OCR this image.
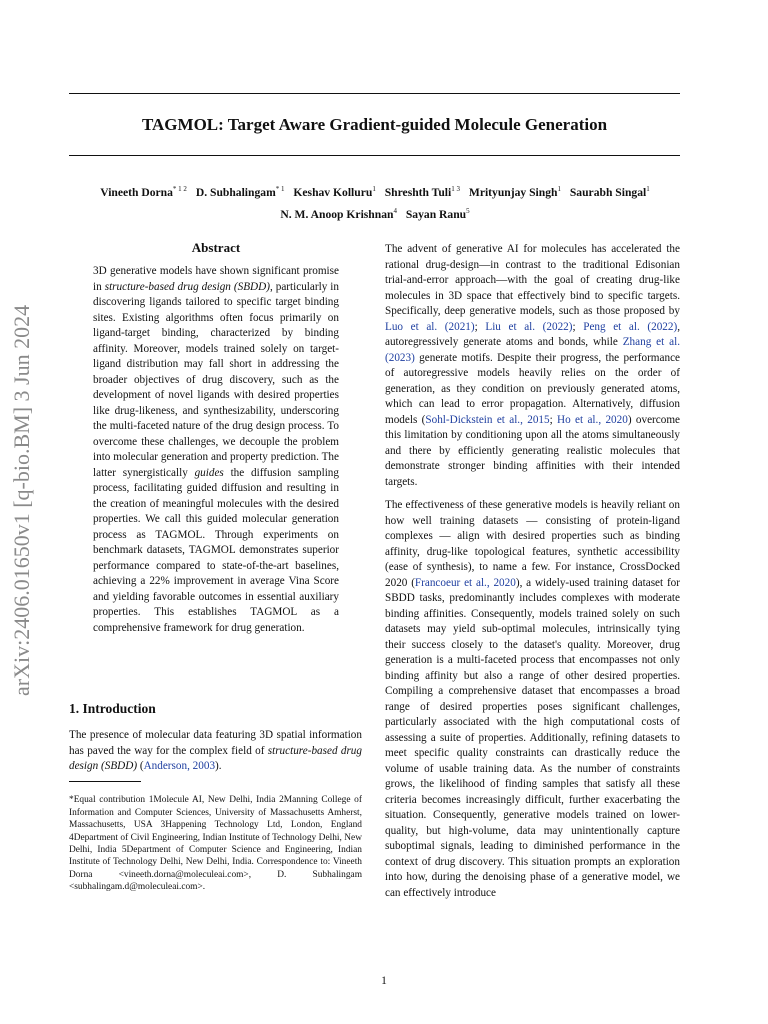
TAGMOL: Target Aware Gradient-guided Molecule Generation
Vineeth Dorna$^{* 1 2}$ D. Subhalingam$^{* 1}$ Keshav Kolluru$^1$ Shreshth Tuli$^{1 3}$ Mrityunjay Singh$^1$ Saurabh Singal$^1$
N. M. Anoop Krishnan$^4$ Sayan Ranu$^5$
arXiv:2406.01650v1 [q-bio.BM] 3 Jun 2024
Abstract

3D generative models have shown significant promise in structure-based drug design (SBDD), particularly in discovering ligands tailored to specific target binding sites. Existing algorithms often focus primarily on ligand-target binding, characterized by binding affinity. Moreover, models trained solely on target-ligand distribution may fall short in addressing the broader objectives of drug discovery, such as the development of novel ligands with desired properties like drug-likeness, and synthesizability, underscoring the multi-faceted nature of the drug design process. To overcome these challenges, we decouple the problem into molecular generation and property prediction. The latter synergistically guides the diffusion sampling process, facilitating guided diffusion and resulting in the creation of meaningful molecules with the desired properties. We call this guided molecular generation process as TAGMOL. Through experiments on benchmark datasets, TAGMOL demonstrates superior performance compared to state-of-the-art baselines, achieving a 22% improvement in average Vina Score and yielding favorable outcomes in essential auxiliary properties. This establishes TAGMOL as a comprehensive framework for drug generation.

1. Introduction

The presence of molecular data featuring 3D spatial information has paved the way for the complex field of structure-based drug design (SBDD) (Anderson, 2003).

*Equal contribution 1Molecule AI, New Delhi, India 2Manning College of Information and Computer Sciences, University of Massachusetts Amherst, Massachusetts, USA 3Happening Technology Ltd, London, England 4Department of Civil Engineering, Indian Institute of Technology Delhi, New Delhi, India 5Department of Computer Science and Engineering, Indian Institute of Technology Delhi, New Delhi, India. Correspondence to: Vineeth Dorna <vineeth.dorna@moleculeai.com>, D. Subhalingam <subhalingam.d@moleculeai.com>.

The advent of generative AI for molecules has accelerated the rational drug-design—in contrast to the traditional Edisonian trial-and-error approach—with the goal of creating drug-like molecules in 3D space that effectively bind to specific targets. Specifically, deep generative models, such as those proposed by Luo et al. (2021); Liu et al. (2022); Peng et al. (2022), autoregressively generate atoms and bonds, while Zhang et al. (2023) generate motifs. Despite their progress, the performance of autoregressive models heavily relies on the order of generation, as they condition on previously generated atoms, which can lead to error propagation. Alternatively, diffusion models (Sohl-Dickstein et al., 2015; Ho et al., 2020) overcome this limitation by conditioning upon all the atoms simultaneously and there by efficiently generating realistic molecules that demonstrate stronger binding affinities with their intended targets.

The effectiveness of these generative models is heavily reliant on how well training datasets — consisting of protein-ligand complexes — align with desired properties such as binding affinity, drug-like topological features, synthetic accessibility (ease of synthesis), to name a few. For instance, CrossDocked 2020 (Francoeur et al., 2020), a widely-used training dataset for SBDD tasks, predominantly includes complexes with moderate binding affinities. Consequently, models trained solely on such datasets may yield sub-optimal molecules, intrinsically tying their success closely to the dataset's quality. Moreover, drug generation is a multi-faceted process that encompasses not only binding affinity but also a range of other desired properties. Compiling a comprehensive dataset that encompasses a broad range of desired properties poses significant challenges, particularly associated with the high computational costs of assessing a suite of properties. Additionally, refining datasets to meet specific quality constraints can drastically reduce the volume of usable training data. As the number of constraints grows, the likelihood of finding samples that satisfy all these criteria becomes increasingly difficult, further exacerbating the situation. Consequently, generative models trained on lower-quality, but high-volume, data may unintentionally capture suboptimal signals, leading to diminished performance in the context of drug discovery. This situation prompts an exploration into how, during the denoising phase of a generative model, we can effectively introduce

1
